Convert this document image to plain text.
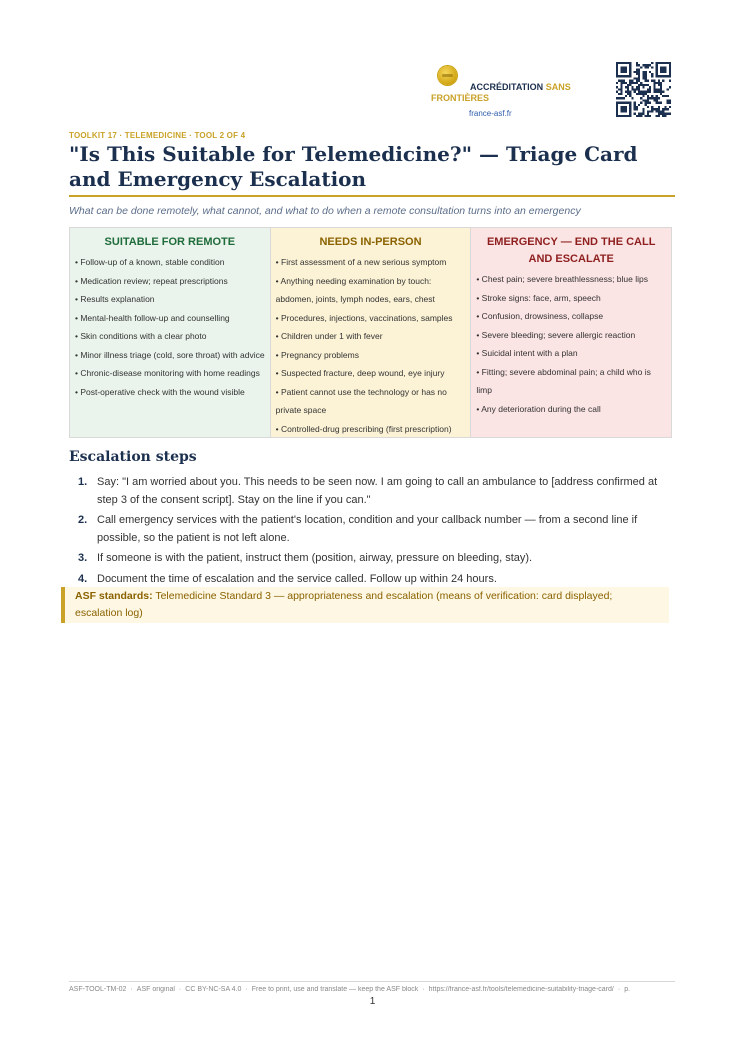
ACCRÉDITATION SANS FRONTIÈRES
france-asf.fr
TOOLKIT 17 · TELEMEDICINE · TOOL 2 OF 4
"Is This Suitable for Telemedicine?" — Triage Card and Emergency Escalation
What can be done remotely, what cannot, and what to do when a remote consultation turns into an emergency
SUITABLE FOR REMOTE
• Follow-up of a known, stable condition
• Medication review; repeat prescriptions
• Results explanation
• Mental-health follow-up and counselling
• Skin conditions with a clear photo
• Minor illness triage (cold, sore throat) with advice
• Chronic-disease monitoring with home readings
• Post-operative check with the wound visible
NEEDS IN-PERSON
• First assessment of a new serious symptom
• Anything needing examination by touch: abdomen, joints, lymph nodes, ears, chest
• Procedures, injections, vaccinations, samples
• Children under 1 with fever
• Pregnancy problems
• Suspected fracture, deep wound, eye injury
• Patient cannot use the technology or has no private space
• Controlled-drug prescribing (first prescription)
EMERGENCY — END THE CALL AND ESCALATE
• Chest pain; severe breathlessness; blue lips
• Stroke signs: face, arm, speech
• Confusion, drowsiness, collapse
• Severe bleeding; severe allergic reaction
• Suicidal intent with a plan
• Fitting; severe abdominal pain; a child who is limp
• Any deterioration during the call
Escalation steps
1. Say: "I am worried about you. This needs to be seen now. I am going to call an ambulance to [address confirmed at step 3 of the consent script]. Stay on the line if you can."
2. Call emergency services with the patient's location, condition and your callback number — from a second line if possible, so the patient is not left alone.
3. If someone is with the patient, instruct them (position, airway, pressure on bleeding, stay).
4. Document the time of escalation and the service called. Follow up within 24 hours.
ASF standards: Telemedicine Standard 3 — appropriateness and escalation (means of verification: card displayed; escalation log)
ASF-TOOL-TM-02 · ASF original · CC BY-NC-SA 4.0 · Free to print, use and translate — keep the ASF block · https://france-asf.fr/tools/telemedicine-suitability-triage-card/ · p.
1
